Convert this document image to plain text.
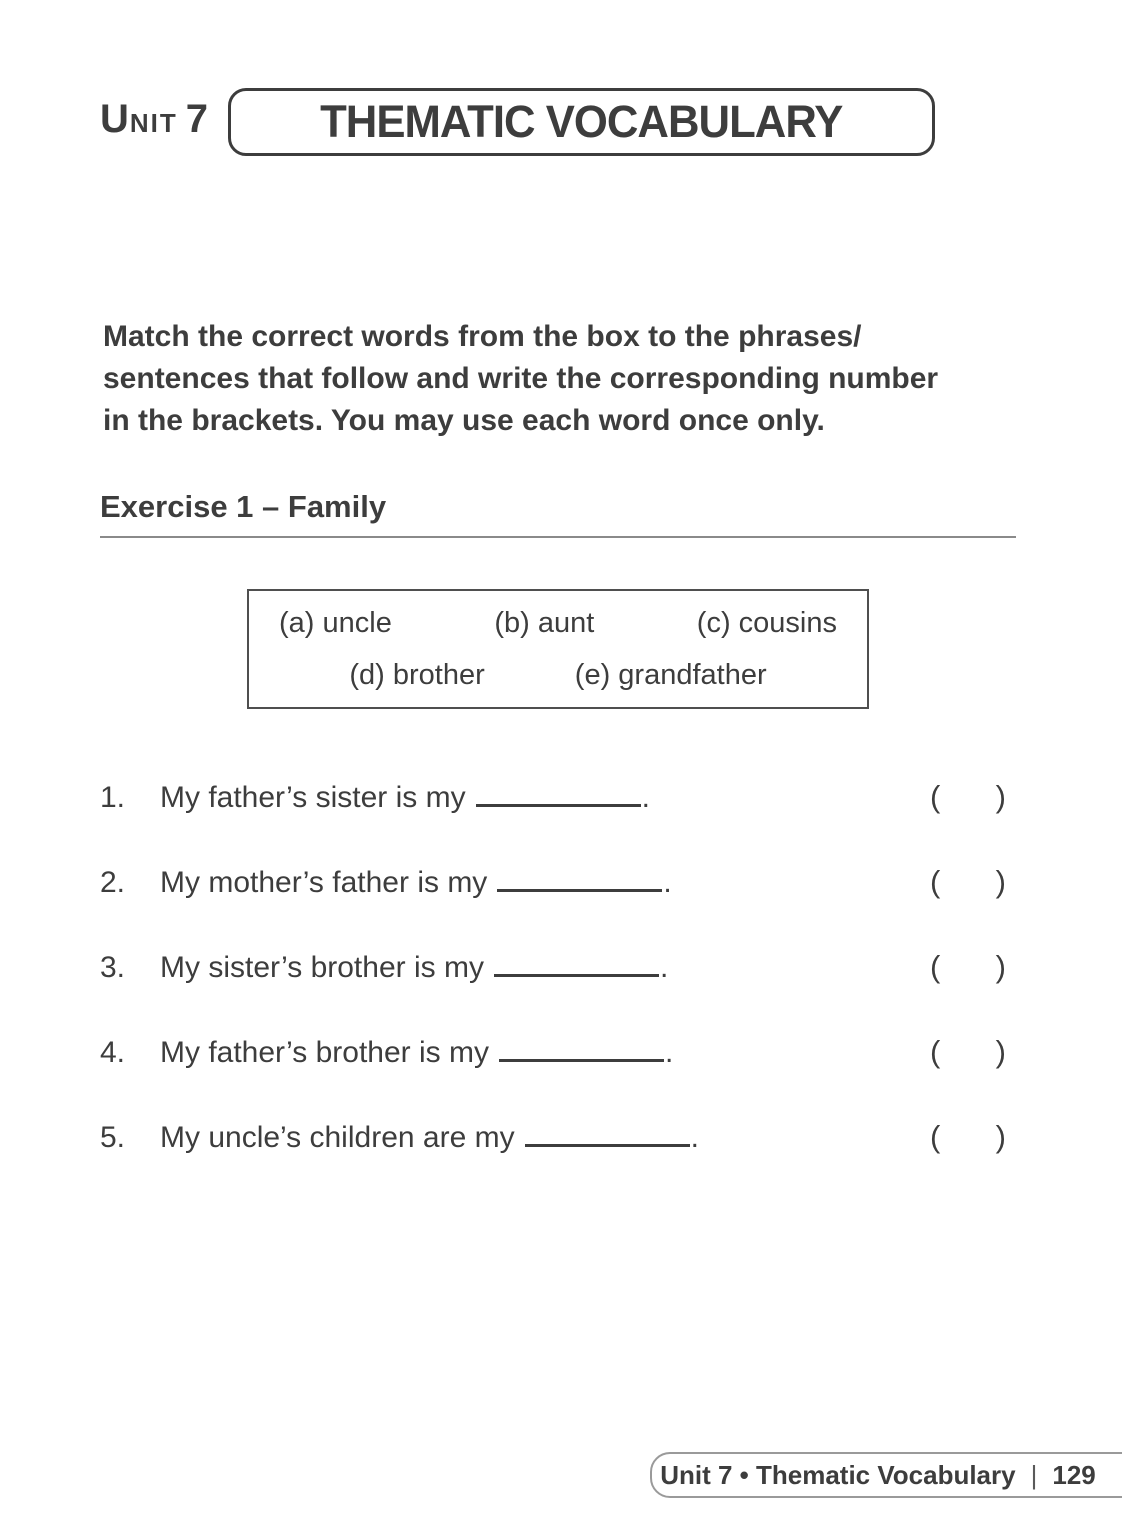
UNIT 7 THEMATIC VOCABULARY
Match the correct words from the box to the phrases/
sentences that follow and write the corresponding number
in the brackets. You may use each word once only.
Exercise 1 – Family
(a) uncle	(b) aunt	(c) cousins
(d) brother	(e) grandfather
1.	My father’s sister is my	.	( )
2.	My mother’s father is my	.	( )
3.	My sister’s brother is my	.	( )
4.	My father’s brother is my	.	( )
5.	My uncle’s children are my	.	( )
Unit 7 • Thematic Vocabulary | 129
